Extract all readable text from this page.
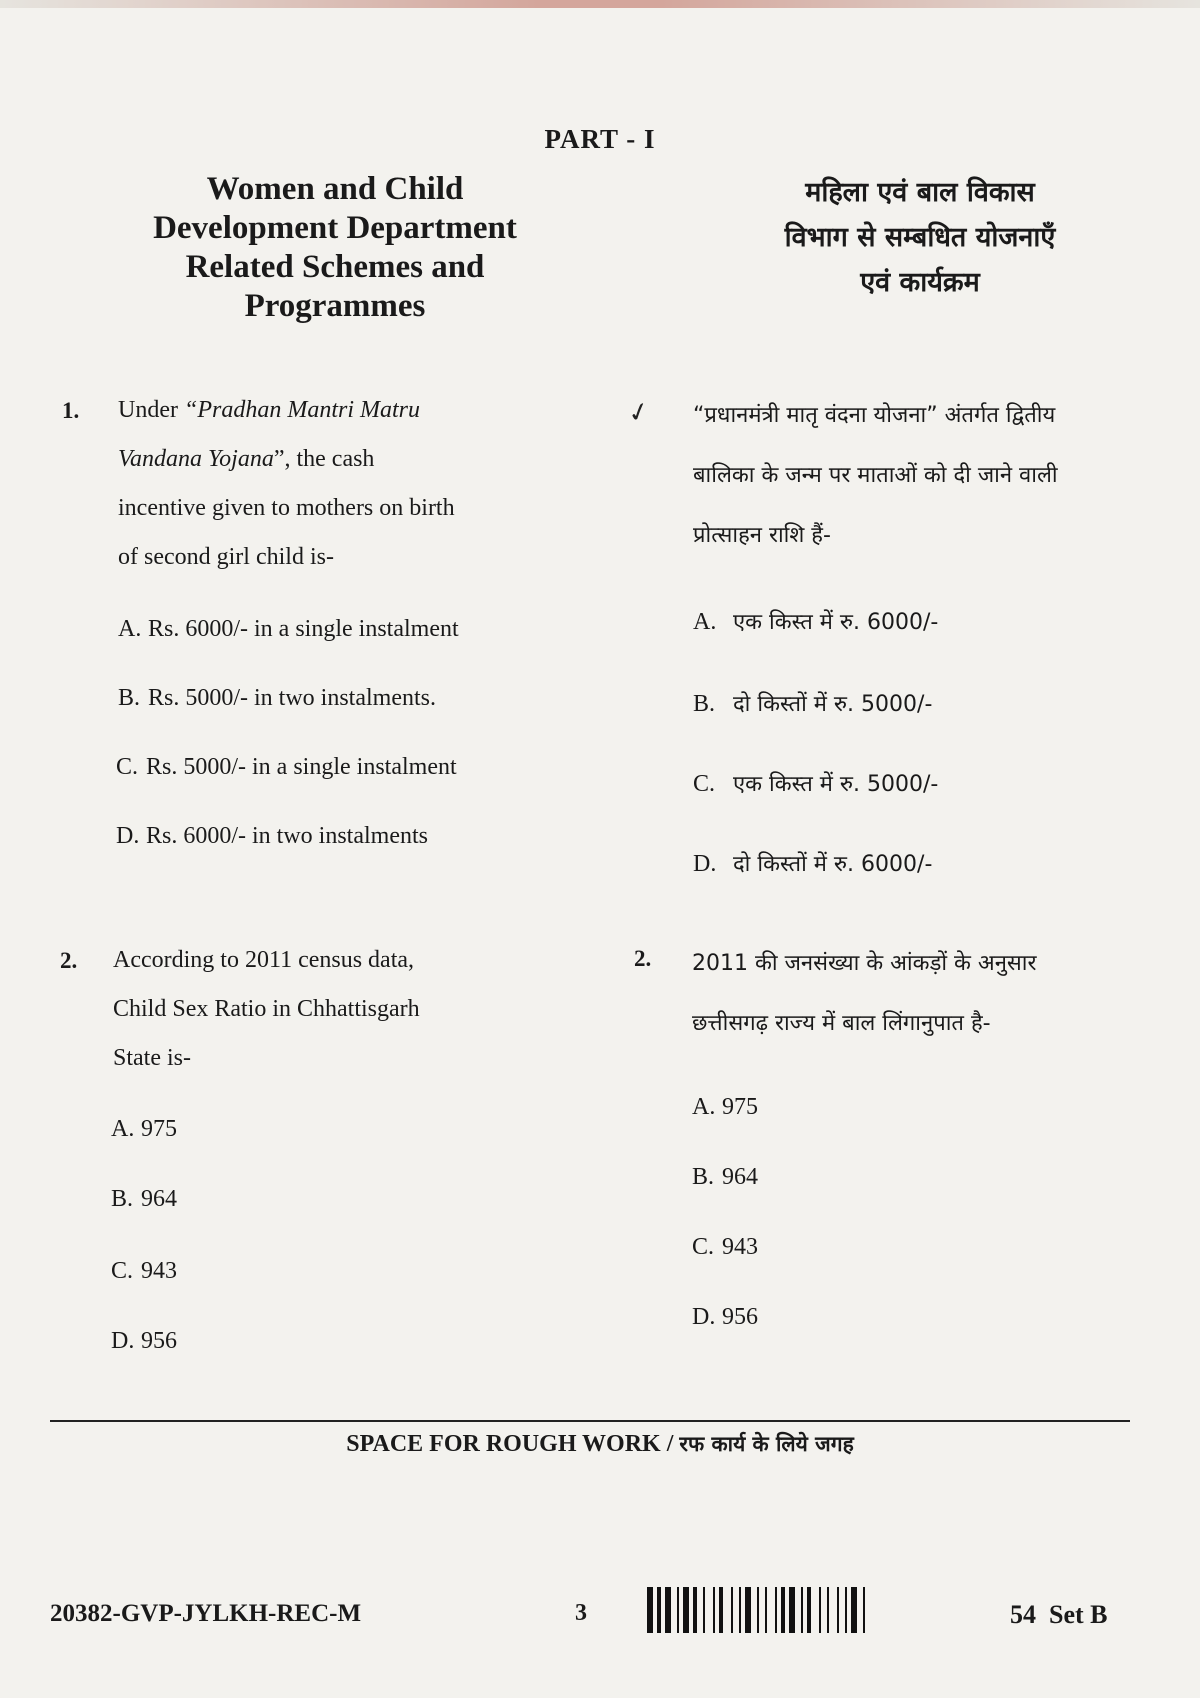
PART - I
Women and Child
Development Department
Related Schemes and
Programmes
महिला एवं बाल विकास
विभाग से सम्बधित योजनाएँ
एवं कार्यक्रम
1. Under “Pradhan Mantri Matru
Vandana Yojana”, the cash
incentive given to mothers on birth
of second girl child is-
A. Rs. 6000/- in a single instalment
B. Rs. 5000/- in two instalments.
C. Rs. 5000/- in a single instalment
D. Rs. 6000/- in two instalments
✓ “प्रधानमंत्री मातृ वंदना योजना” अंतर्गत द्वितीय
बालिका के जन्म पर माताओं को दी जाने वाली
प्रोत्साहन राशि हैं-
A. एक किस्त में रु. 6000/-
B. दो किस्तों में रु. 5000/-
C. एक किस्त में रु. 5000/-
D. दो किस्तों में रु. 6000/-
2. According to 2011 census data,
Child Sex Ratio in Chhattisgarh
State is-
A. 975
B. 964
C. 943
D. 956
2. 2011 की जनसंख्या के आंकड़ों के अनुसार
छत्तीसगढ़ राज्य में बाल लिंगानुपात है-
A. 975
B. 964
C. 943
D. 956
SPACE FOR ROUGH WORK / रफ कार्य के लिये जगह
20382-GVP-JYLKH-REC-M	3	54 Set B
